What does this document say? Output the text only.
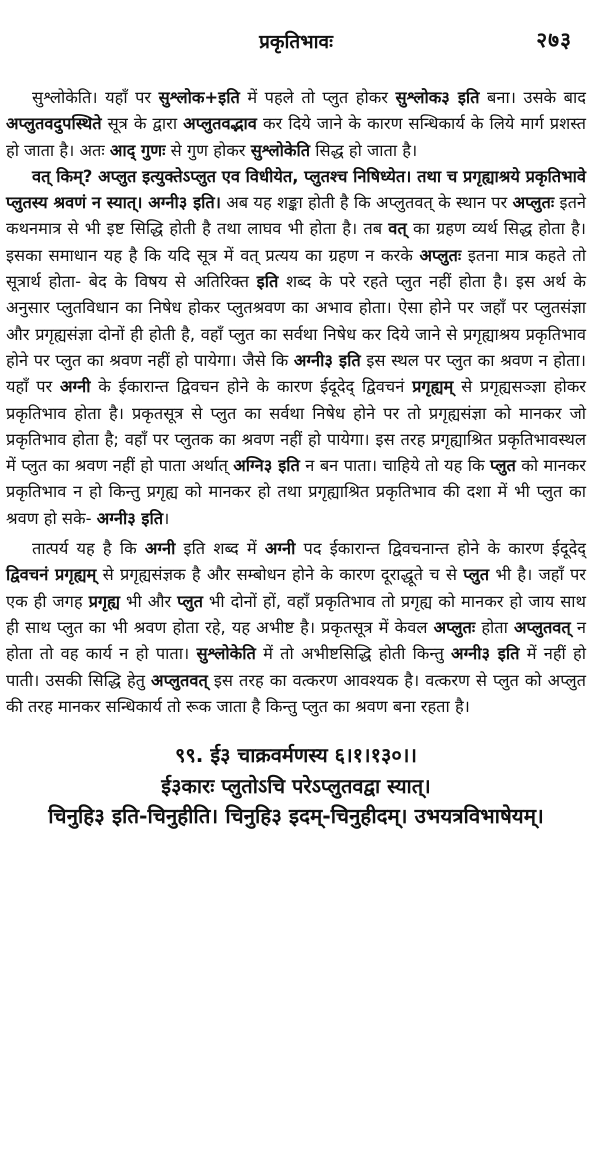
प्रकृतिभावः	२७३

सुश्लोकेति। यहाँ पर सुश्लोक+इति में पहले तो प्लुत होकर सुश्लोक३ इति बना। उसके बाद अप्लुतवदुपस्थिते सूत्र के द्वारा अप्लुतवद्भाव कर दिये जाने के कारण सन्धिकार्य के लिये मार्ग प्रशस्त हो जाता है। अतः आद् गुणः से गुण होकर सुश्लोकेति सिद्ध हो जाता है।

वत् किम्? अप्लुत इत्युक्तेऽप्लुत एव विधीयेत, प्लुतश्च निषिध्येत। तथा च प्रगृह्याश्रये प्रकृतिभावे प्लुतस्य श्रवणं न स्यात्। अग्नी३ इति। अब यह शङ्का होती है कि अप्लुतवत् के स्थान पर अप्लुतः इतने कथनमात्र से भी इष्ट सिद्धि होती है तथा लाघव भी होता है। तब वत् का ग्रहण व्यर्थ सिद्ध होता है। इसका समाधान यह है कि यदि सूत्र में वत् प्रत्यय का ग्रहण न करके अप्लुतः इतना मात्र कहते तो सूत्रार्थ होता- बेद के विषय से अतिरिक्त इति शब्द के परे रहते प्लुत नहीं होता है। इस अर्थ के अनुसार प्लुतविधान का निषेध होकर प्लुतश्रवण का अभाव होता। ऐसा होने पर जहाँ पर प्लुतसंज्ञा और प्रगृह्यसंज्ञा दोनों ही होती है, वहाँ प्लुत का सर्वथा निषेध कर दिये जाने से प्रगृह्याश्रय प्रकृतिभाव होने पर प्लुत का श्रवण नहीं हो पायेगा। जैसे कि अग्नी३ इति इस स्थल पर प्लुत का श्रवण न होता। यहाँ पर अग्नी के ईकारान्त द्विवचन होने के कारण ईदूदेद् द्विवचनं प्रगृह्यम् से प्रगृह्यसञ्ज्ञा होकर प्रकृतिभाव होता है। प्रकृतसूत्र से प्लुत का सर्वथा निषेध होने पर तो प्रगृह्यसंज्ञा को मानकर जो प्रकृतिभाव होता है; वहाँ पर प्लुतक का श्रवण नहीं हो पायेगा। इस तरह प्रगृह्याश्रित प्रकृतिभावस्थल में प्लुत का श्रवण नहीं हो पाता अर्थात् अग्नि३ इति न बन पाता। चाहिये तो यह कि प्लुत को मानकर प्रकृतिभाव न हो किन्तु प्रगृह्य को मानकर हो तथा प्रगृह्याश्रित प्रकृतिभाव की दशा में भी प्लुत का श्रवण हो सके- अग्नी३ इति।

तात्पर्य यह है कि अग्नी इति शब्द में अग्नी पद ईकारान्त द्विवचनान्त होने के कारण ईदूदेद् द्विवचनं प्रगृह्यम् से प्रगृह्यसंज्ञक है और सम्बोधन होने के कारण दूराद्धूते च से प्लुत भी है। जहाँ पर एक ही जगह प्रगृह्य भी और प्लुत भी दोनों हों, वहाँ प्रकृतिभाव तो प्रगृह्य को मानकर हो जाय साथ ही साथ प्लुत का भी श्रवण होता रहे, यह अभीष्ट है। प्रकृतसूत्र में केवल अप्लुतः होता अप्लुतवत् न होता तो वह कार्य न हो पाता। सुश्लोकेति में तो अभीष्टसिद्धि होती किन्तु अग्नी३ इति में नहीं हो पाती। उसकी सिद्धि हेतु अप्लुतवत् इस तरह का वत्करण आवश्यक है। वत्करण से प्लुत को अप्लुत की तरह मानकर सन्धिकार्य तो रूक जाता है किन्तु प्लुत का श्रवण बना रहता है।

९९. ई३ चाक्रवर्मणस्य ६।१।१३०।।
ई३कारः प्लुतोऽचि परेऽप्लुतवद्वा स्यात्।
चिनुहि३ इति-चिनुहीति। चिनुहि३ इदम्-चिनुहीदम्। उभयत्रविभाषेयम्।
